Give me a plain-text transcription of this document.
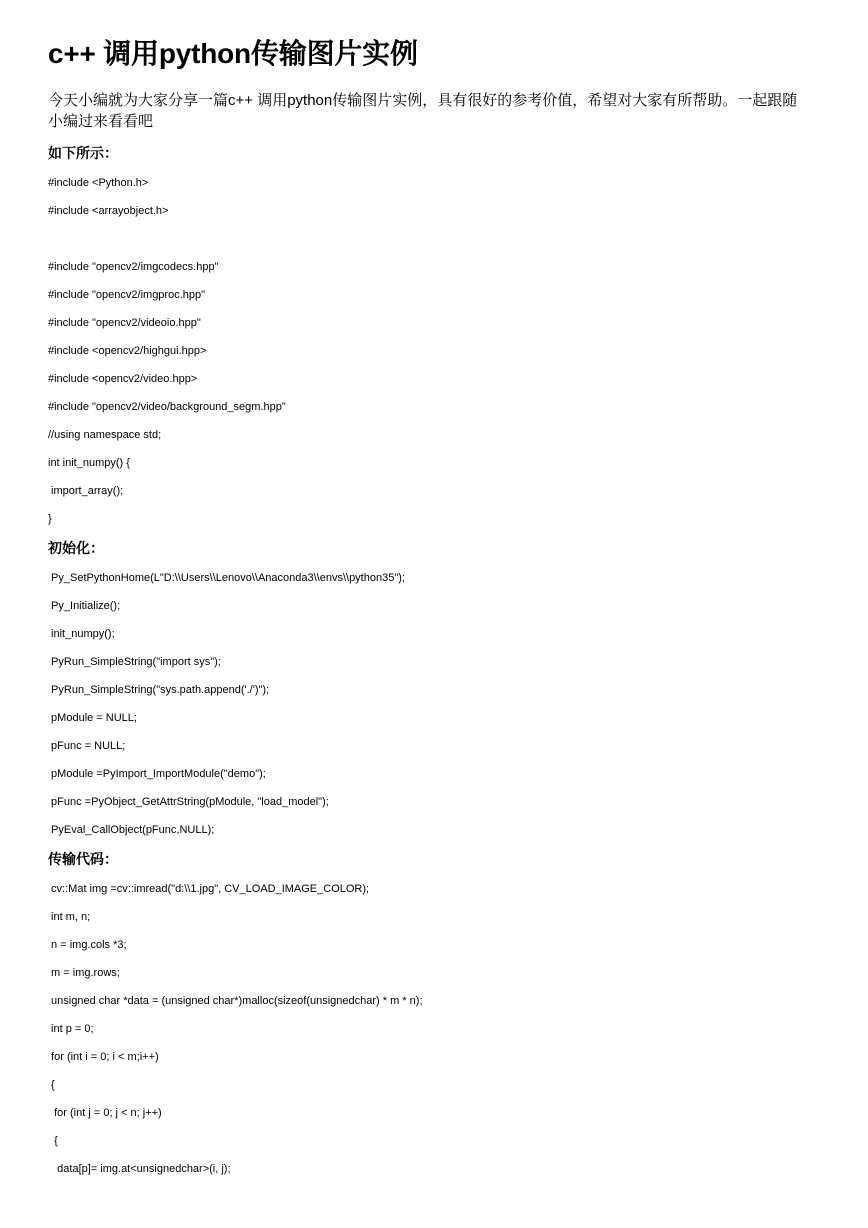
c++ 调用python传输图片实例

今天小编就为大家分享一篇c++ 调用python传输图片实例，具有很好的参考价值，希望对大家有所帮助。一起跟随小编过来看看吧

如下所示：
#include <Python.h>
#include <arrayobject.h>
#include "opencv2/imgcodecs.hpp"
#include "opencv2/imgproc.hpp"
#include "opencv2/videoio.hpp"
#include <opencv2/highgui.hpp>
#include <opencv2/video.hpp>
#include "opencv2/video/background_segm.hpp"
//using namespace std;
int init_numpy() {
import_array();
}
初始化：
Py_SetPythonHome(L"D:\\Users\\Lenovo\\Anaconda3\\envs\\python35");
Py_Initialize();
init_numpy();
PyRun_SimpleString("import sys");
PyRun_SimpleString("sys.path.append('./')");
pModule = NULL;
pFunc = NULL;
pModule =PyImport_ImportModule("demo");
pFunc =PyObject_GetAttrString(pModule, "load_model");
PyEval_CallObject(pFunc,NULL);
传输代码：
cv::Mat img =cv::imread("d:\\1.jpg", CV_LOAD_IMAGE_COLOR);
int m, n;
n = img.cols *3;
m = img.rows;
unsigned char *data = (unsigned char*)malloc(sizeof(unsignedchar) * m * n);
int p = 0;
for (int i = 0; i < m;i++)
{
for (int j = 0; j < n; j++)
{
data[p]= img.at<unsignedchar>(i, j);
